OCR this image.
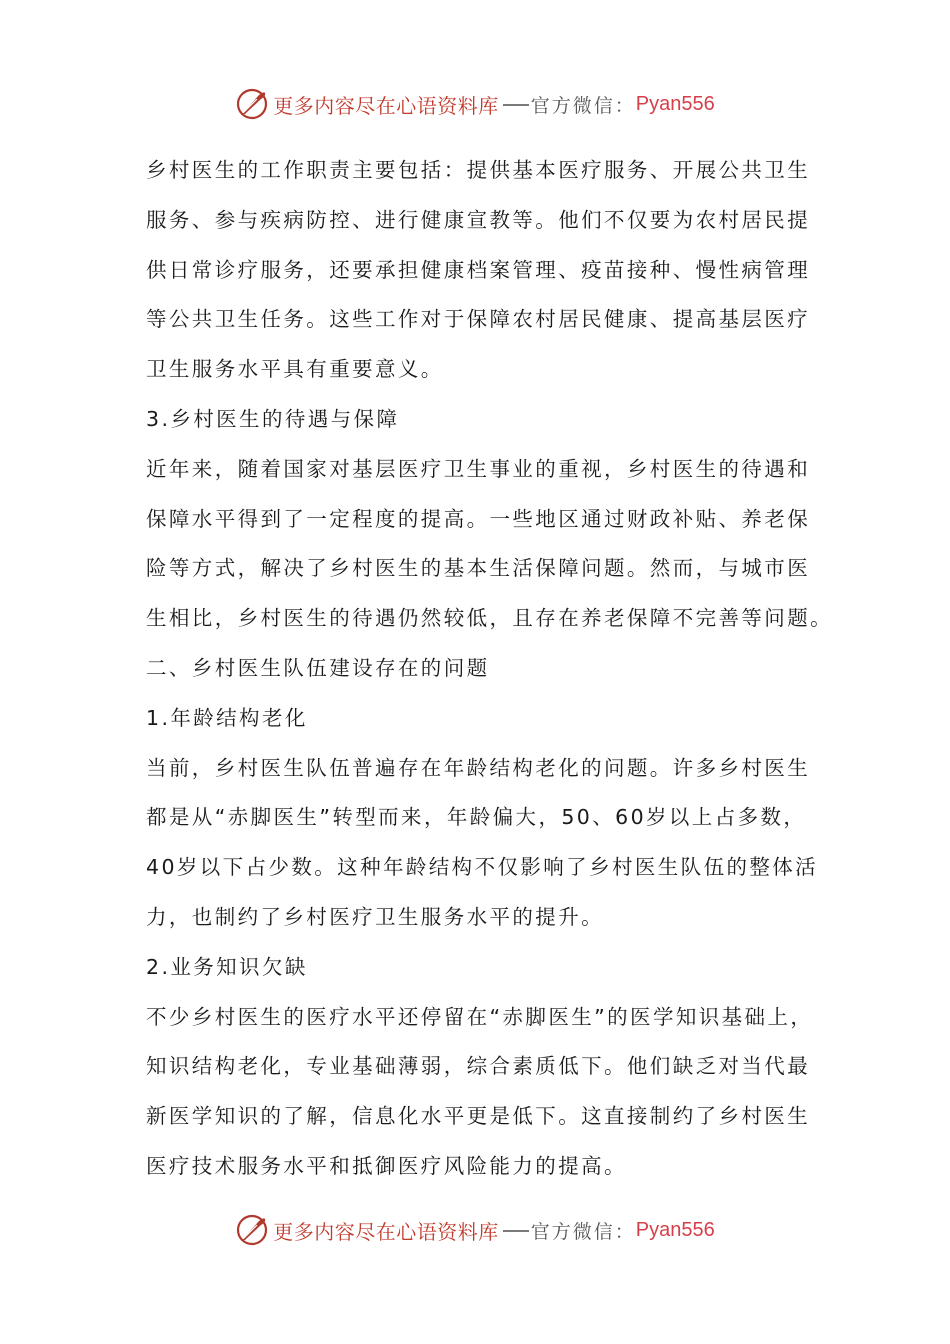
更多内容尽在心语资料库 官方微信： Pyan556
乡村医生的工作职责主要包括：提供基本医疗服务、开展公共卫生
服务、参与疾病防控、进行健康宣教等。他们不仅要为农村居民提
供日常诊疗服务，还要承担健康档案管理、疫苗接种、慢性病管理
等公共卫生任务。这些工作对于保障农村居民健康、提高基层医疗
卫生服务水平具有重要意义。
3.乡村医生的待遇与保障
近年来，随着国家对基层医疗卫生事业的重视，乡村医生的待遇和
保障水平得到了一定程度的提高。一些地区通过财政补贴、养老保
险等方式，解决了乡村医生的基本生活保障问题。然而，与城市医
生相比，乡村医生的待遇仍然较低，且存在养老保障不完善等问题。
二、乡村医生队伍建设存在的问题
1.年龄结构老化
当前，乡村医生队伍普遍存在年龄结构老化的问题。许多乡村医生
都是从“赤脚医生”转型而来，年龄偏大，50、60岁以上占多数，
40岁以下占少数。这种年龄结构不仅影响了乡村医生队伍的整体活
力，也制约了乡村医疗卫生服务水平的提升。
2.业务知识欠缺
不少乡村医生的医疗水平还停留在“赤脚医生”的医学知识基础上，
知识结构老化，专业基础薄弱，综合素质低下。他们缺乏对当代最
新医学知识的了解，信息化水平更是低下。这直接制约了乡村医生
医疗技术服务水平和抵御医疗风险能力的提高。
更多内容尽在心语资料库 官方微信： Pyan556
